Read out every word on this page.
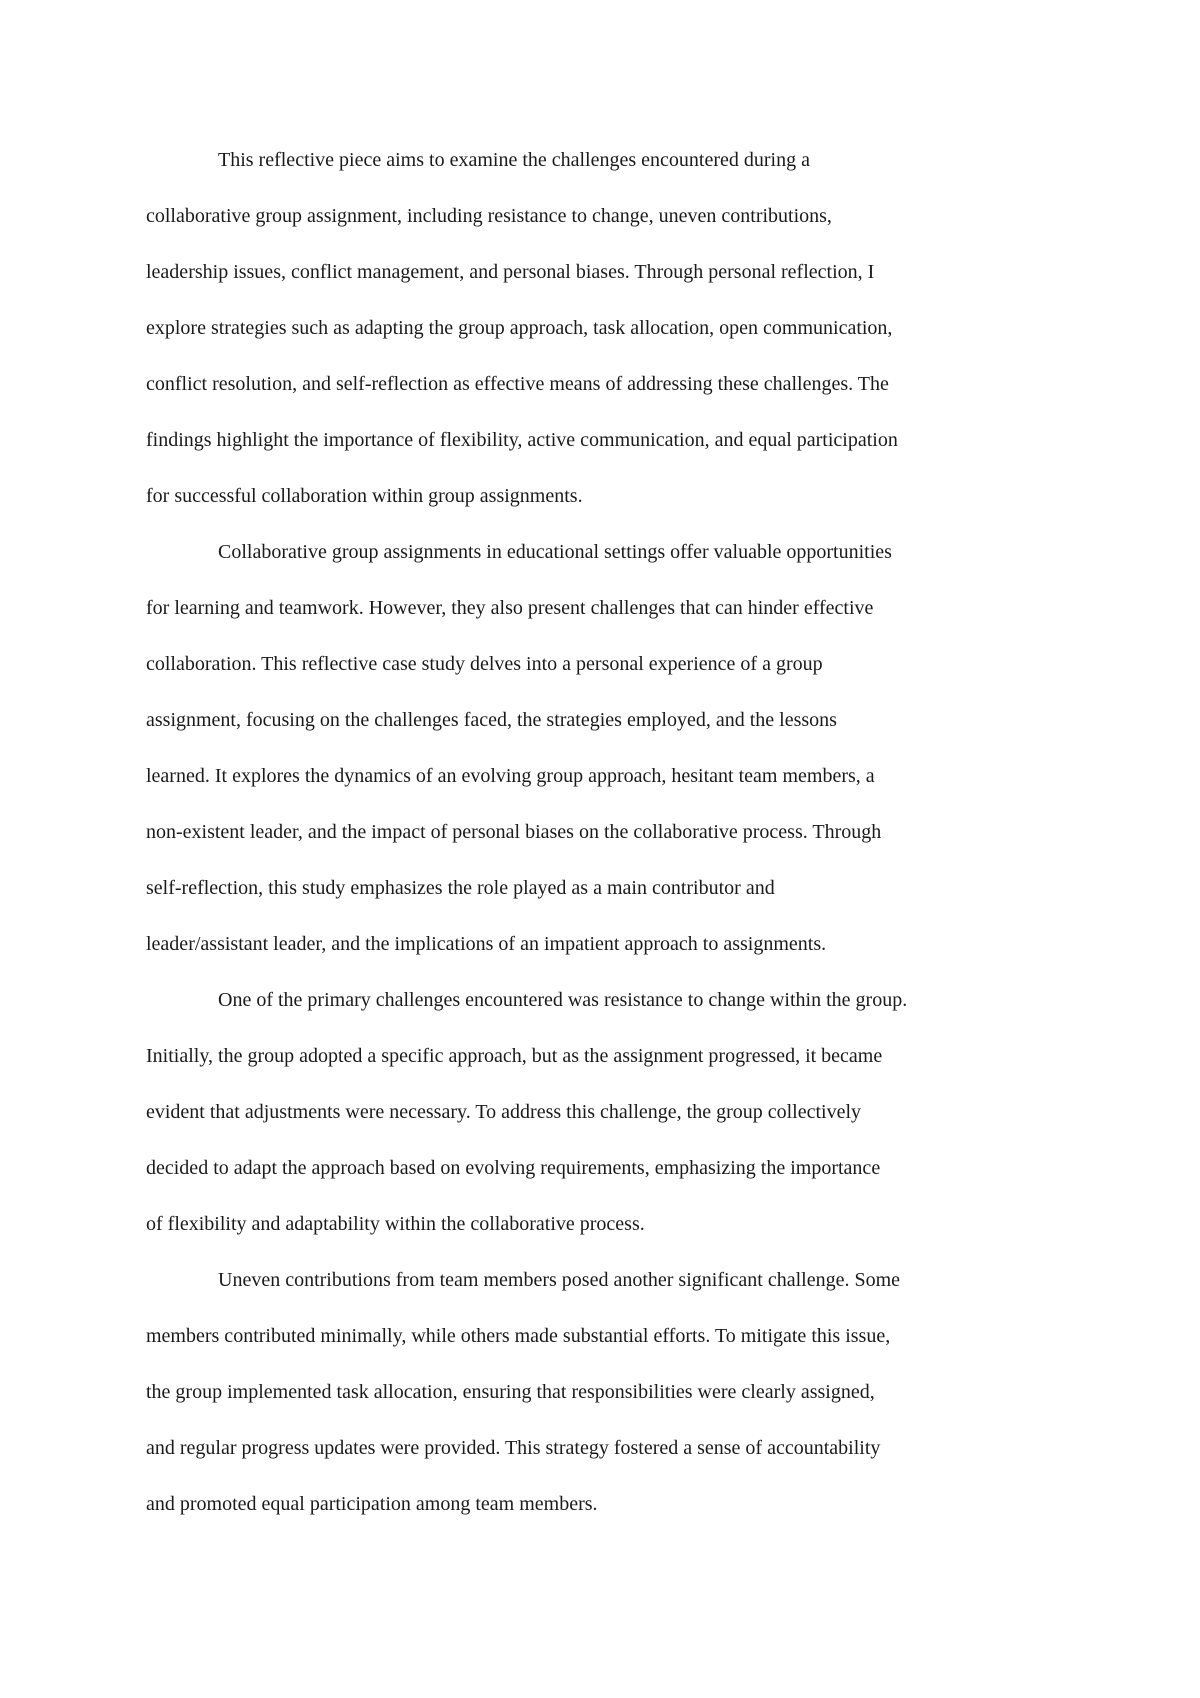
This reflective piece aims to examine the challenges encountered during a
collaborative group assignment, including resistance to change, uneven contributions,
leadership issues, conflict management, and personal biases. Through personal reflection, I
explore strategies such as adapting the group approach, task allocation, open communication,
conflict resolution, and self-reflection as effective means of addressing these challenges. The
findings highlight the importance of flexibility, active communication, and equal participation
for successful collaboration within group assignments.
Collaborative group assignments in educational settings offer valuable opportunities
for learning and teamwork. However, they also present challenges that can hinder effective
collaboration. This reflective case study delves into a personal experience of a group
assignment, focusing on the challenges faced, the strategies employed, and the lessons
learned. It explores the dynamics of an evolving group approach, hesitant team members, a
non-existent leader, and the impact of personal biases on the collaborative process. Through
self-reflection, this study emphasizes the role played as a main contributor and
leader/assistant leader, and the implications of an impatient approach to assignments.
One of the primary challenges encountered was resistance to change within the group.
Initially, the group adopted a specific approach, but as the assignment progressed, it became
evident that adjustments were necessary. To address this challenge, the group collectively
decided to adapt the approach based on evolving requirements, emphasizing the importance
of flexibility and adaptability within the collaborative process.
Uneven contributions from team members posed another significant challenge. Some
members contributed minimally, while others made substantial efforts. To mitigate this issue,
the group implemented task allocation, ensuring that responsibilities were clearly assigned,
and regular progress updates were provided. This strategy fostered a sense of accountability
and promoted equal participation among team members.
